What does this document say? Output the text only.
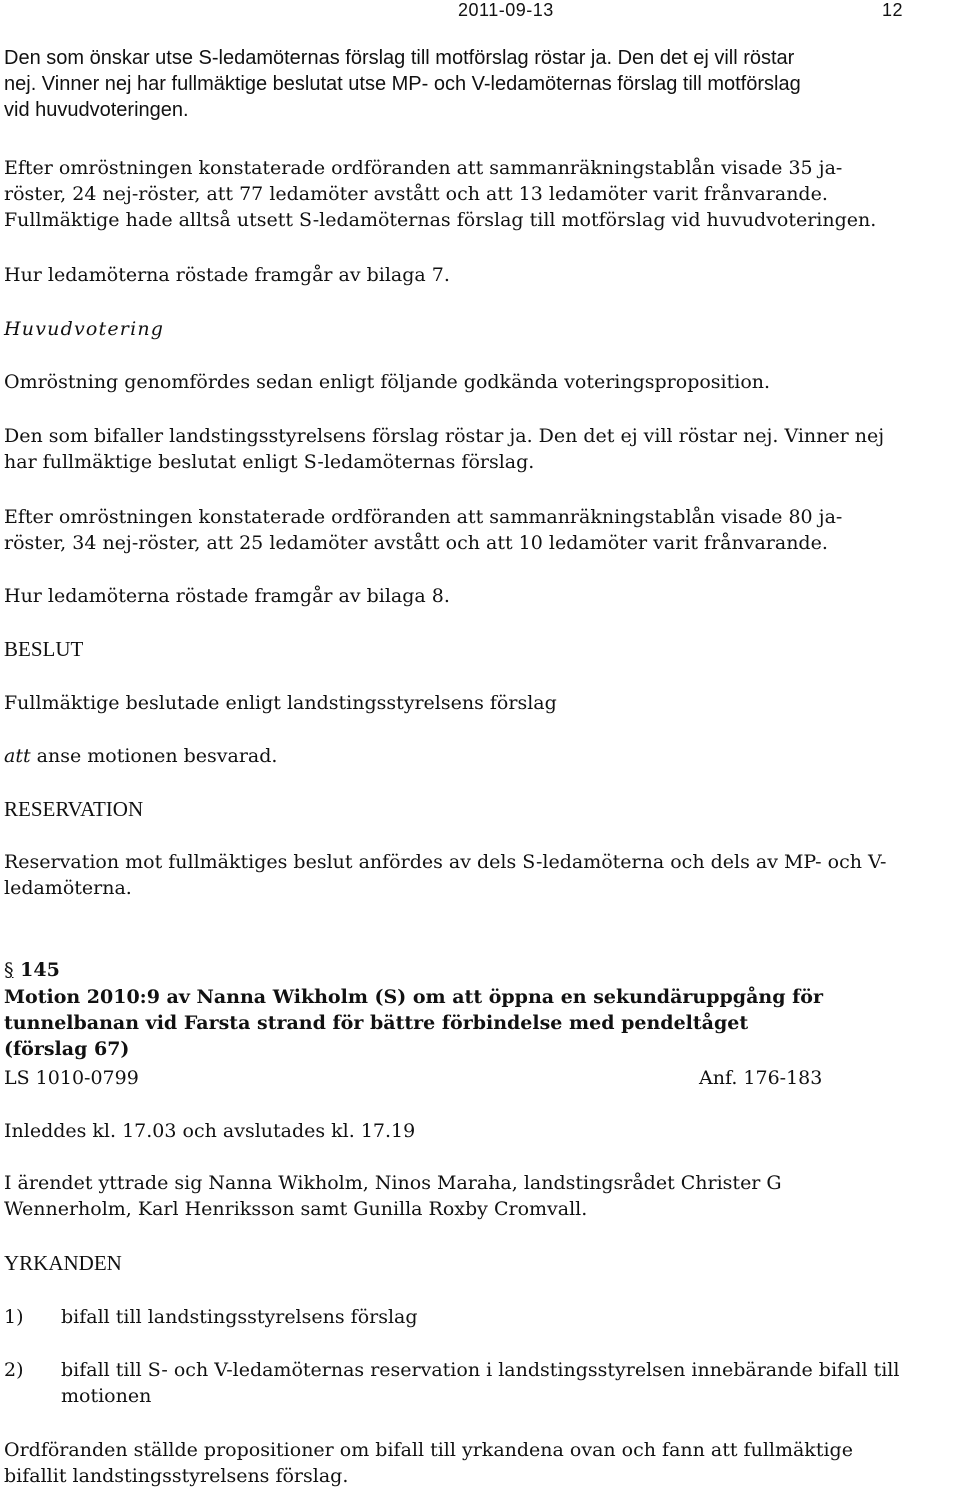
2011-09-13	12
Den som önskar utse S-ledamöternas förslag till motförslag röstar ja. Den det ej vill röstar
nej. Vinner nej har fullmäktige beslutat utse MP- och V-ledamöternas förslag till motförslag
vid huvudvoteringen.
Efter omröstningen konstaterade ordföranden att sammanräkningstablån visade 35 ja-
röster, 24 nej-röster, att 77 ledamöter avstått och att 13 ledamöter varit frånvarande.
Fullmäktige hade alltså utsett S-ledamöternas förslag till motförslag vid huvudvoteringen.
Hur ledamöterna röstade framgår av bilaga 7.
Huvudvotering
Omröstning genomfördes sedan enligt följande godkända voteringsproposition.
Den som bifaller landstingsstyrelsens förslag röstar ja. Den det ej vill röstar nej. Vinner nej
har fullmäktige beslutat enligt S-ledamöternas förslag.
Efter omröstningen konstaterade ordföranden att sammanräkningstablån visade 80 ja-
röster, 34 nej-röster, att 25 ledamöter avstått och att 10 ledamöter varit frånvarande.
Hur ledamöterna röstade framgår av bilaga 8.
BESLUT
Fullmäktige beslutade enligt landstingsstyrelsens förslag
att anse motionen besvarad.
RESERVATION
Reservation mot fullmäktiges beslut anfördes av dels S-ledamöterna och dels av MP- och V-
ledamöterna.
§ 145
Motion 2010:9 av Nanna Wikholm (S) om att öppna en sekundäruppgång för
tunnelbanan vid Farsta strand för bättre förbindelse med pendeltåget
(förslag 67)
LS 1010-0799	Anf. 176-183
Inleddes kl. 17.03 och avslutades kl. 17.19
I ärendet yttrade sig Nanna Wikholm, Ninos Maraha, landstingsrådet Christer G
Wennerholm, Karl Henriksson samt Gunilla Roxby Cromvall.
YRKANDEN
1) bifall till landstingsstyrelsens förslag
2) bifall till S- och V-ledamöternas reservation i landstingsstyrelsen innebärande bifall till
motionen
Ordföranden ställde propositioner om bifall till yrkandena ovan och fann att fullmäktige
bifallit landstingsstyrelsens förslag.
